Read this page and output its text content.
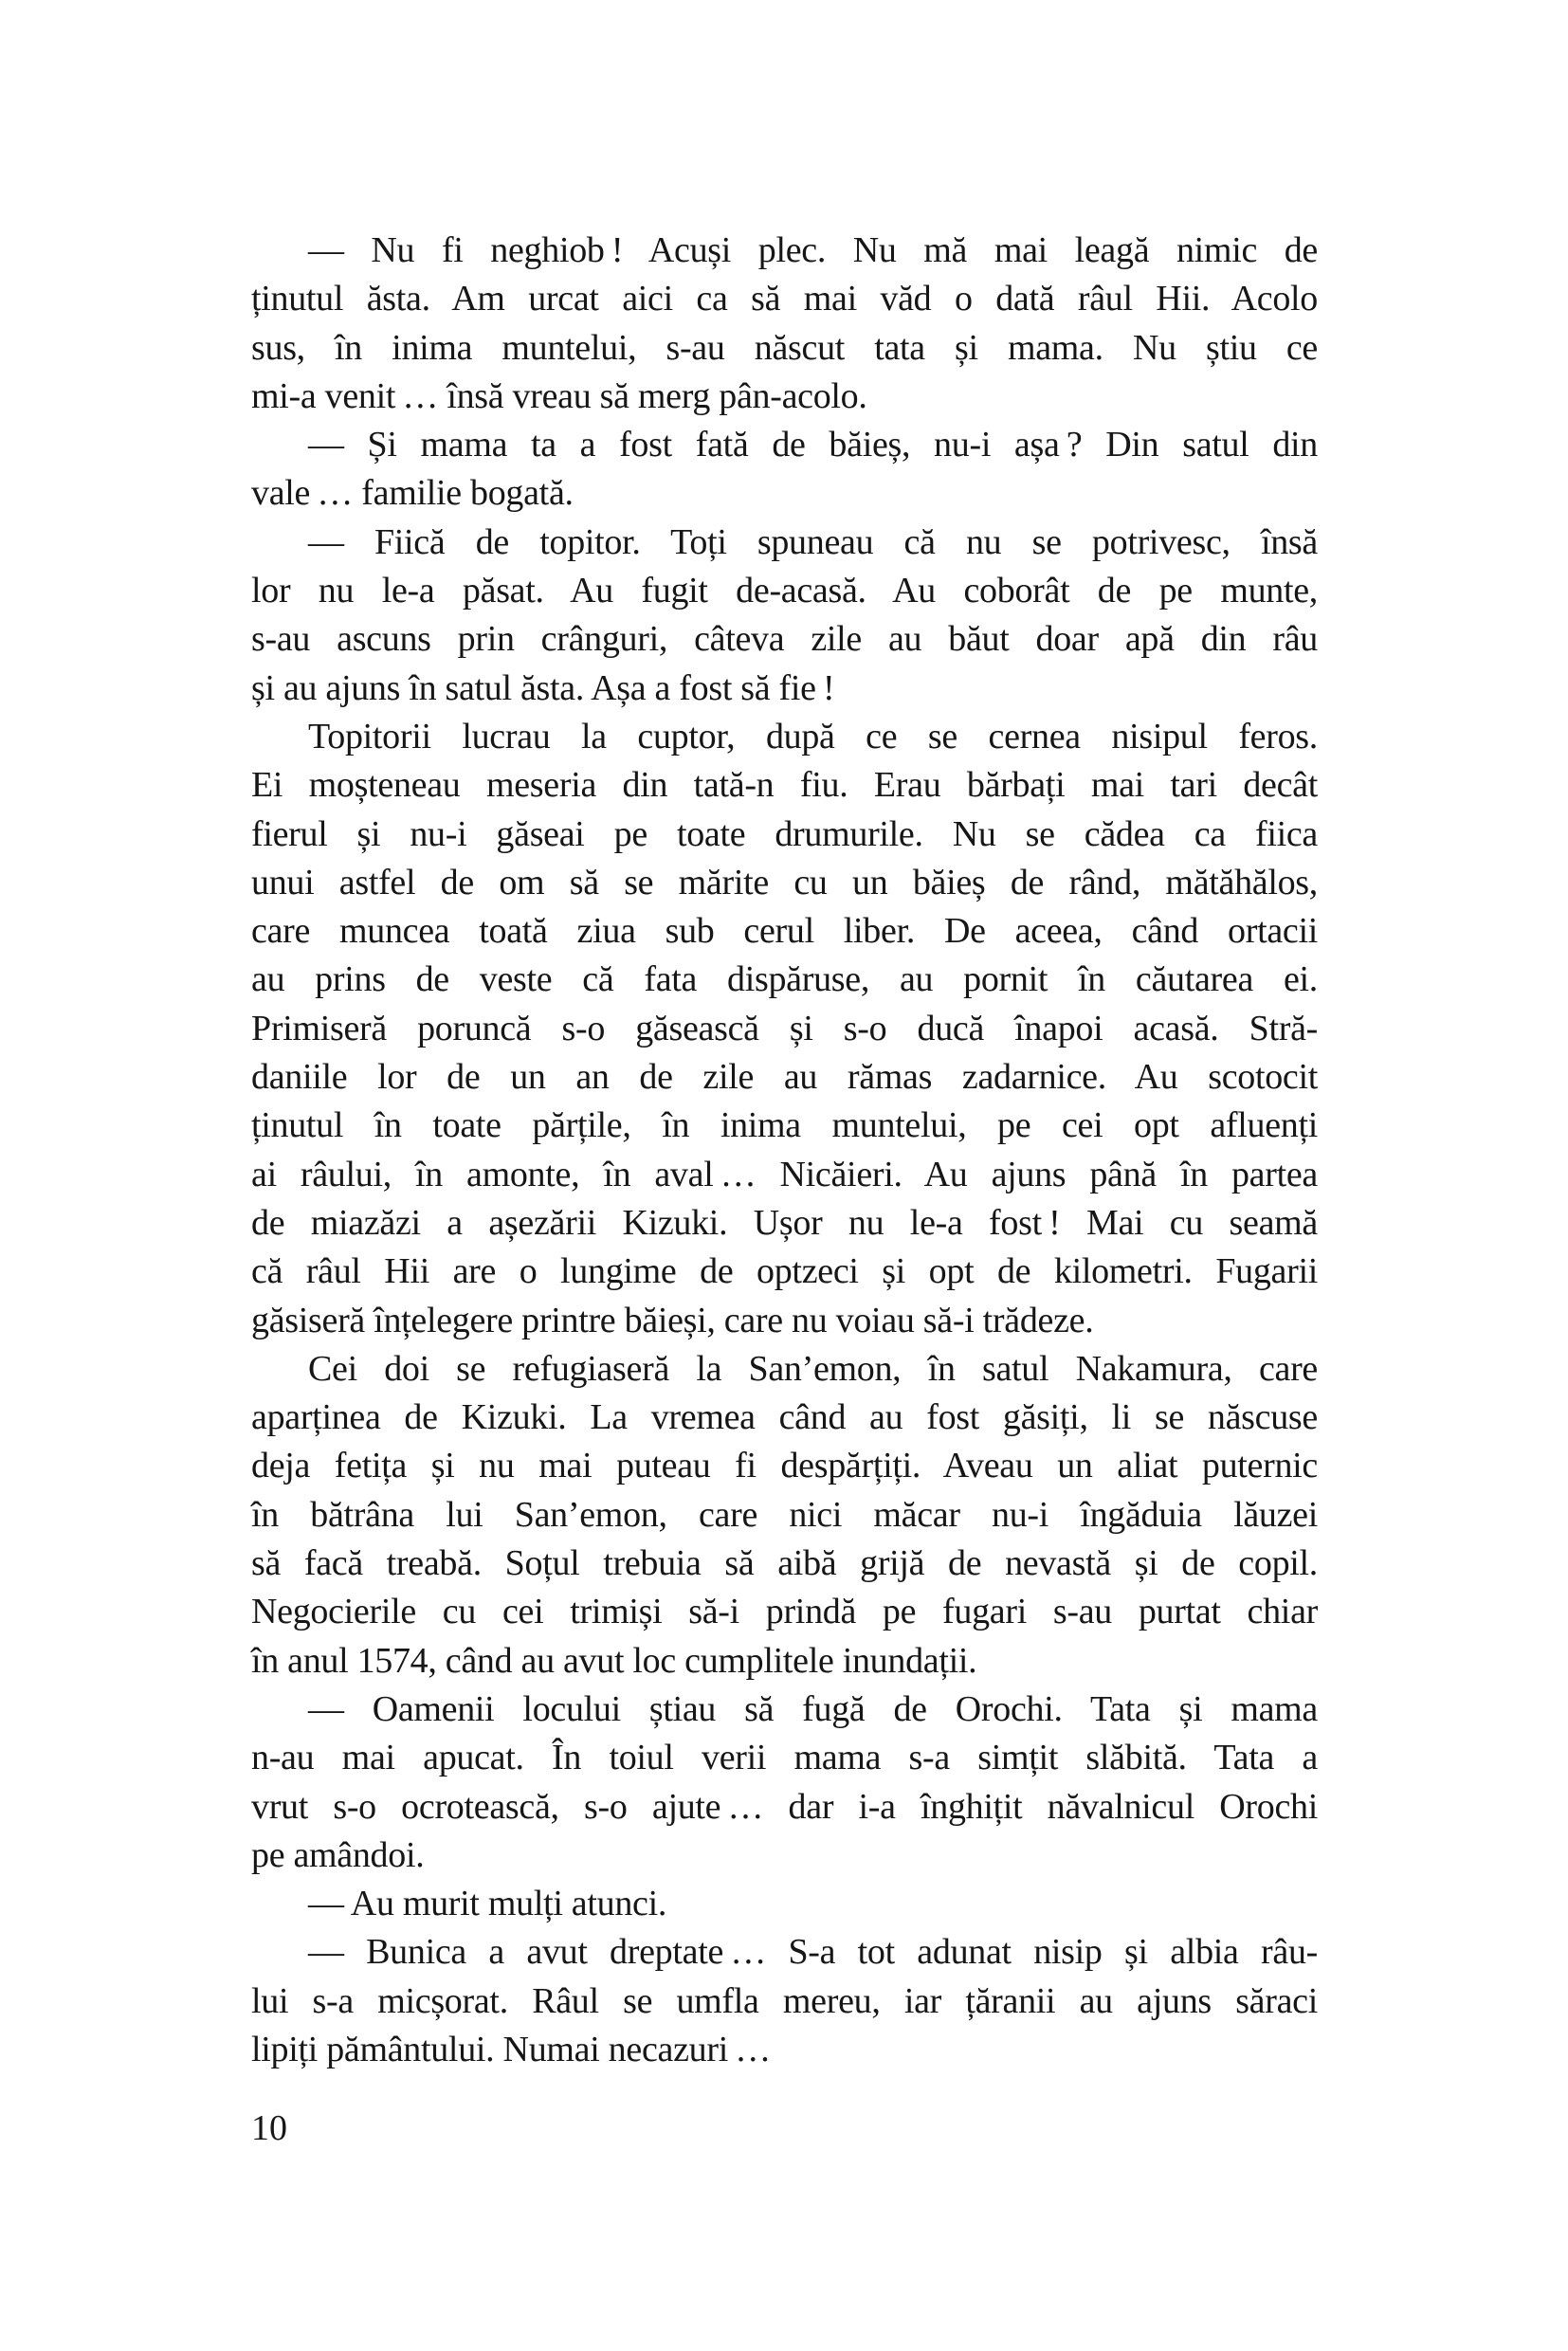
— Nu fi neghiob ! Acuși plec. Nu mă mai leagă nimic de
ținutul ăsta. Am urcat aici ca să mai văd o dată râul Hii. Acolo
sus, în inima muntelui, s-au născut tata și mama. Nu știu ce
mi-a venit … însă vreau să merg pân-acolo.
— Și mama ta a fost fată de băieș, nu-i așa ? Din satul din
vale … familie bogată.
— Fiică de topitor. Toți spuneau că nu se potrivesc, însă
lor nu le-a păsat. Au fugit de-acasă. Au coborât de pe munte,
s-au ascuns prin crânguri, câteva zile au băut doar apă din râu
și au ajuns în satul ăsta. Așa a fost să fie !
Topitorii lucrau la cuptor, după ce se cernea nisipul feros.
Ei moșteneau meseria din tată-n fiu. Erau bărbați mai tari decât
fierul și nu-i găseai pe toate drumurile. Nu se cădea ca fiica
unui astfel de om să se mărite cu un băieș de rând, mătăhălos,
care muncea toată ziua sub cerul liber. De aceea, când ortacii
au prins de veste că fata dispăruse, au pornit în căutarea ei.
Primiseră poruncă s-o găsească și s-o ducă înapoi acasă. Stră-
daniile lor de un an de zile au rămas zadarnice. Au scotocit
ținutul în toate părțile, în inima muntelui, pe cei opt afluenți
ai râului, în amonte, în aval … Nicăieri. Au ajuns până în partea
de miazăzi a așezării Kizuki. Ușor nu le-a fost ! Mai cu seamă
că râul Hii are o lungime de optzeci și opt de kilometri. Fugarii
găsiseră înțelegere printre băieși, care nu voiau să-i trădeze.
Cei doi se refugiaseră la San’emon, în satul Nakamura, care
aparținea de Kizuki. La vremea când au fost găsiți, li se născuse
deja fetița și nu mai puteau fi despărțiți. Aveau un aliat puternic
în bătrâna lui San’emon, care nici măcar nu-i îngăduia lăuzei
să facă treabă. Soțul trebuia să aibă grijă de nevastă și de copil.
Negocierile cu cei trimiși să-i prindă pe fugari s-au purtat chiar
în anul 1574, când au avut loc cumplitele inundații.
— Oamenii locului știau să fugă de Orochi. Tata și mama
n-au mai apucat. În toiul verii mama s-a simțit slăbită. Tata a
vrut s-o ocrotească, s-o ajute … dar i-a înghițit năvalnicul Orochi
pe amândoi.
— Au murit mulți atunci.
— Bunica a avut dreptate … S-a tot adunat nisip și albia râu-
lui s-a micșorat. Râul se umfla mereu, iar țăranii au ajuns săraci
lipiți pământului. Numai necazuri …
10
